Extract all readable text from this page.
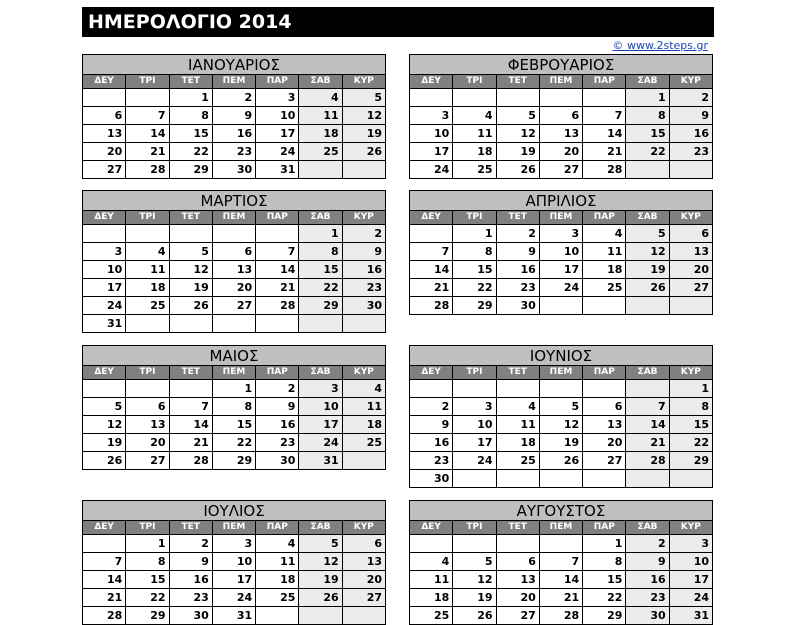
ΗΜΕΡΟΛΟΓΙΟ 2014
© www.2steps.gr
ΙΑΝΟΥΑΡΙΟΣ						
ΔΕΥ	ΤΡΙ	ΤΕΤ	ΠΕΜ	ΠΑΡ	ΣΑΒ	ΚΥΡ
		1	2	3	4	5
6	7	8	9	10	11	12
13	14	15	16	17	18	19
20	21	22	23	24	25	26
27	28	29	30	31		
ΦΕΒΡΟΥΑΡΙΟΣ						
ΔΕΥ	ΤΡΙ	ΤΕΤ	ΠΕΜ	ΠΑΡ	ΣΑΒ	ΚΥΡ
					1	2
3	4	5	6	7	8	9
10	11	12	13	14	15	16
17	18	19	20	21	22	23
24	25	26	27	28		
ΜΑΡΤΙΟΣ						
ΔΕΥ	ΤΡΙ	ΤΕΤ	ΠΕΜ	ΠΑΡ	ΣΑΒ	ΚΥΡ
					1	2
3	4	5	6	7	8	9
10	11	12	13	14	15	16
17	18	19	20	21	22	23
24	25	26	27	28	29	30
31						
ΑΠΡΙΛΙΟΣ						
ΔΕΥ	ΤΡΙ	ΤΕΤ	ΠΕΜ	ΠΑΡ	ΣΑΒ	ΚΥΡ
	1	2	3	4	5	6
7	8	9	10	11	12	13
14	15	16	17	18	19	20
21	22	23	24	25	26	27
28	29	30				
ΜΑΙΟΣ						
ΔΕΥ	ΤΡΙ	ΤΕΤ	ΠΕΜ	ΠΑΡ	ΣΑΒ	ΚΥΡ
			1	2	3	4
5	6	7	8	9	10	11
12	13	14	15	16	17	18
19	20	21	22	23	24	25
26	27	28	29	30	31	
ΙΟΥΝΙΟΣ						
ΔΕΥ	ΤΡΙ	ΤΕΤ	ΠΕΜ	ΠΑΡ	ΣΑΒ	ΚΥΡ
						1
2	3	4	5	6	7	8
9	10	11	12	13	14	15
16	17	18	19	20	21	22
23	24	25	26	27	28	29
30						
ΙΟΥΛΙΟΣ						
ΔΕΥ	ΤΡΙ	ΤΕΤ	ΠΕΜ	ΠΑΡ	ΣΑΒ	ΚΥΡ
	1	2	3	4	5	6
7	8	9	10	11	12	13
14	15	16	17	18	19	20
21	22	23	24	25	26	27
28	29	30	31			
ΑΥΓΟΥΣΤΟΣ						
ΔΕΥ	ΤΡΙ	ΤΕΤ	ΠΕΜ	ΠΑΡ	ΣΑΒ	ΚΥΡ
				1	2	3
4	5	6	7	8	9	10
11	12	13	14	15	16	17
18	19	20	21	22	23	24
25	26	27	28	29	30	31
